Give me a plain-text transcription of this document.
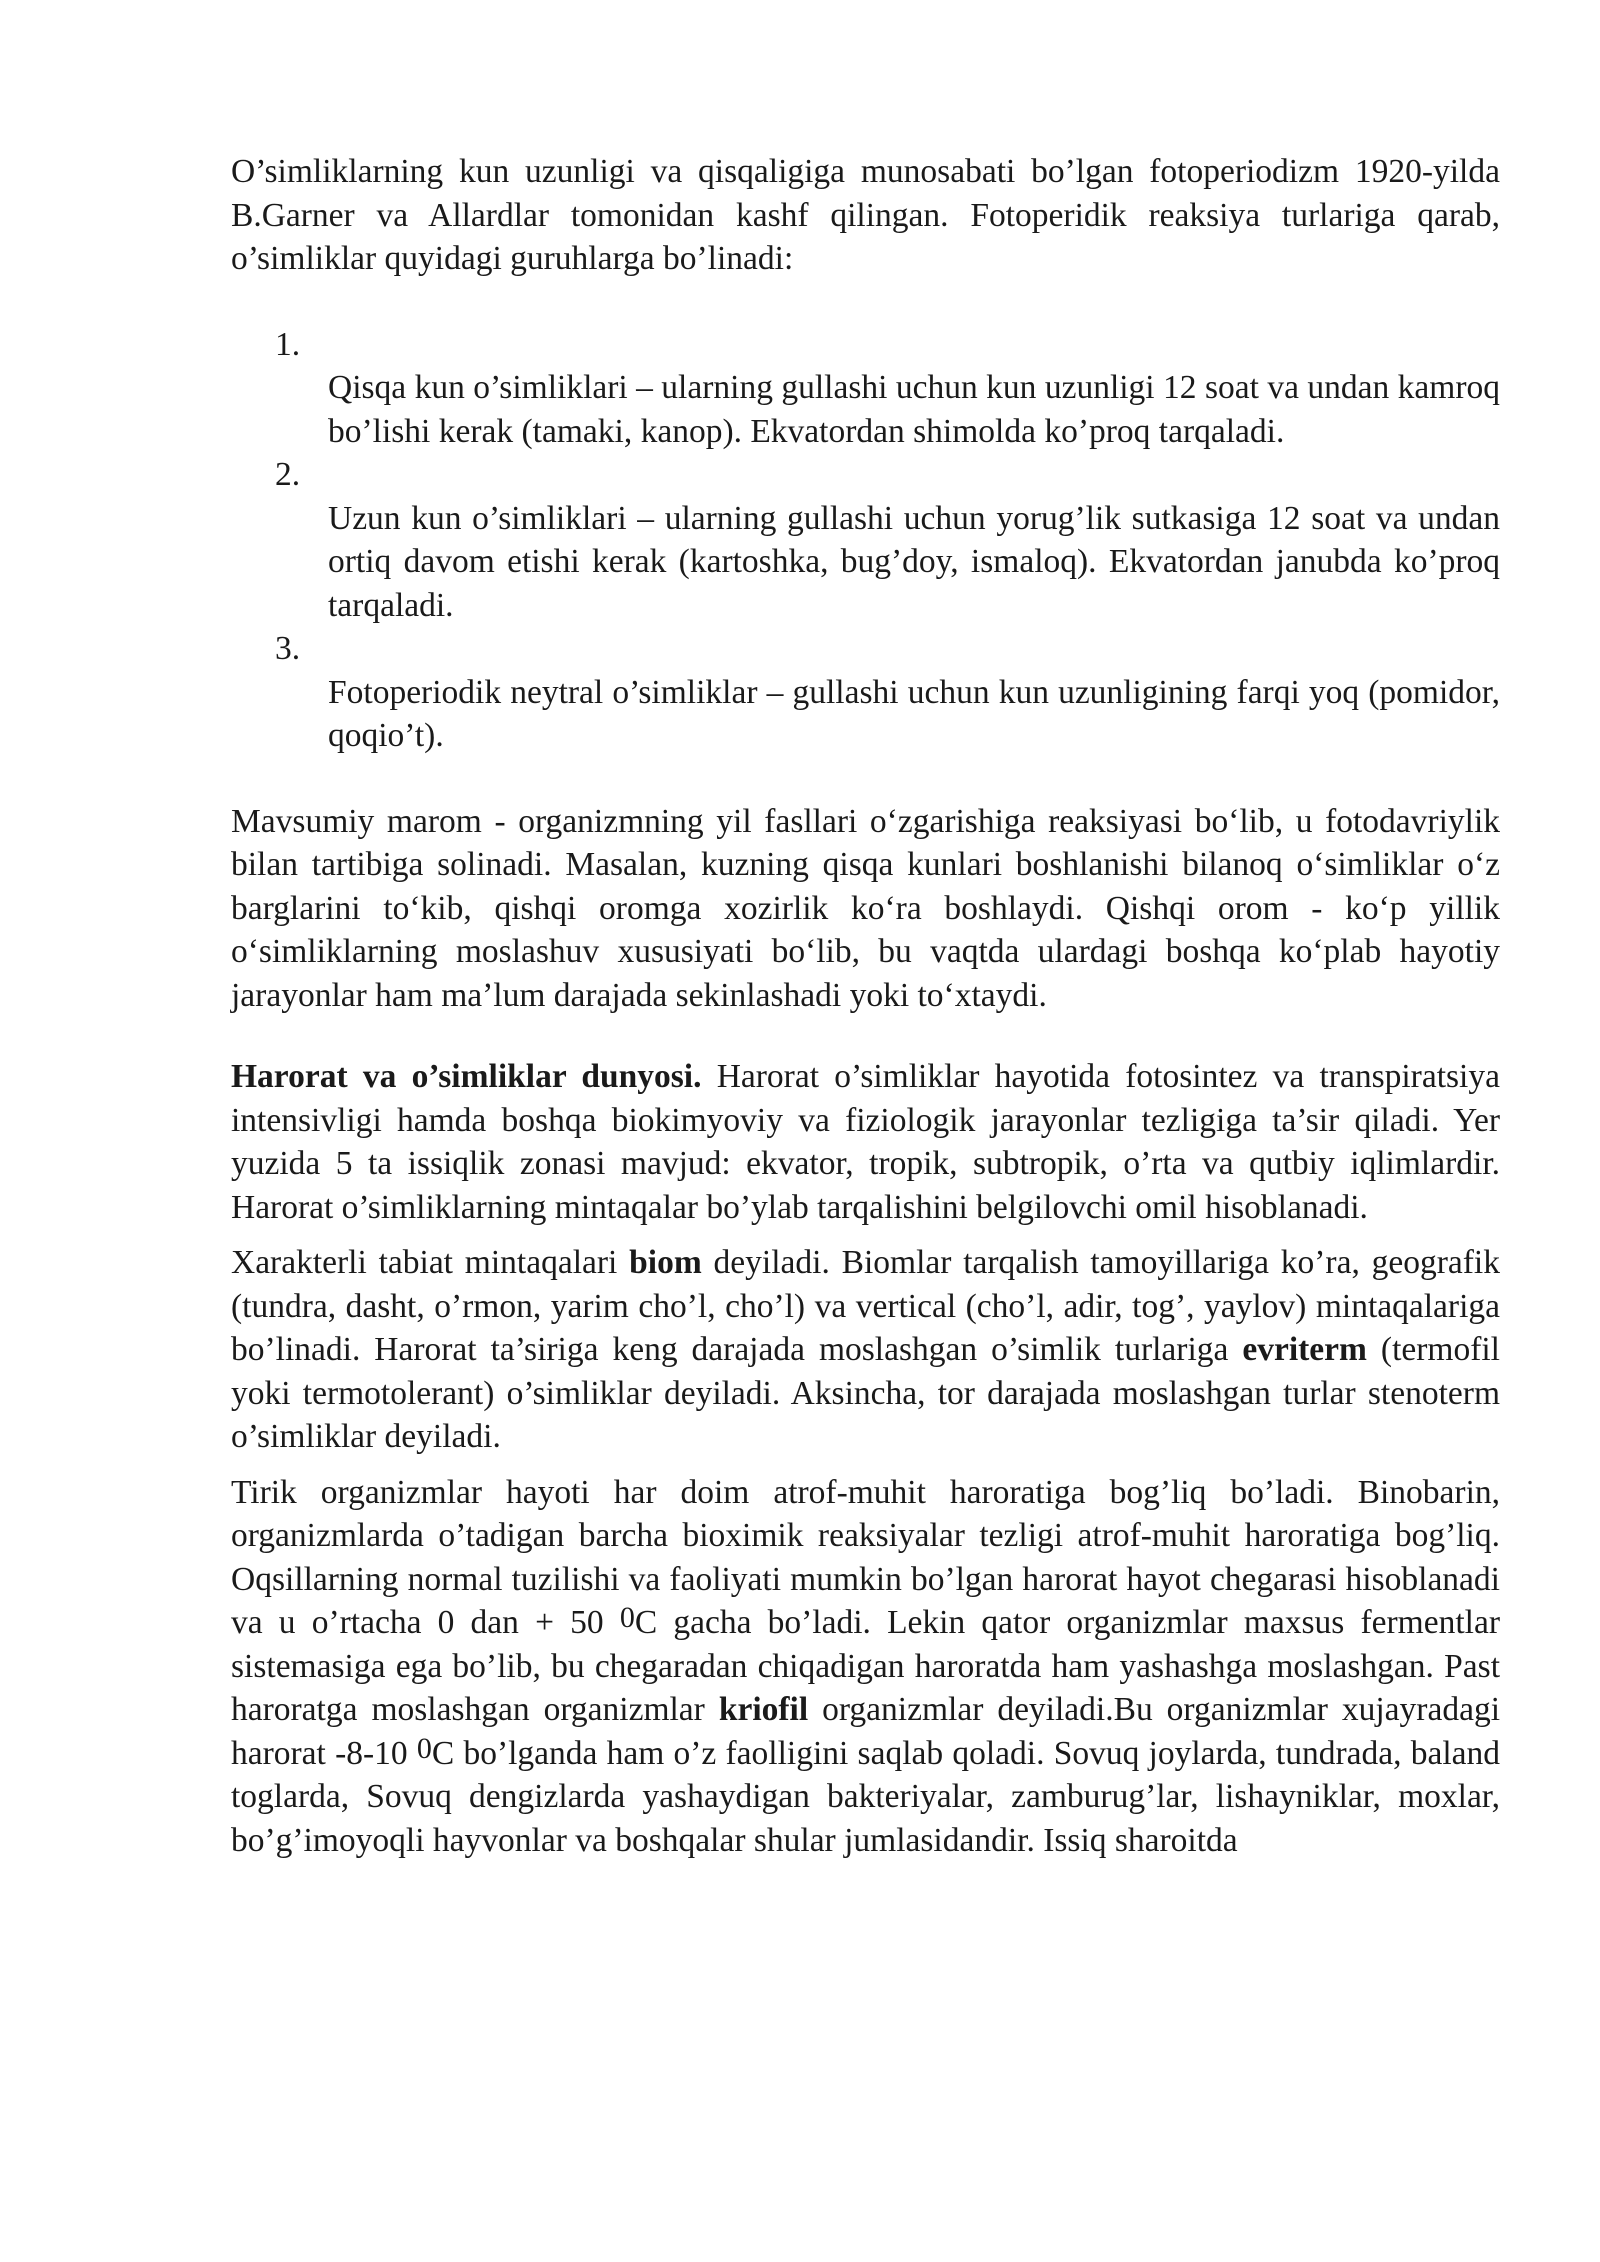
O’simliklarning kun uzunligi va qisqaligiga munosabati bo’lgan fotoperiodizm 1920-yilda B.Garner va Allardlar tomonidan kashf qilingan. Fotoperidik reaksiya turlariga qarab, o’simliklar quyidagi guruhlarga bo’linadi:

1.
Qisqa kun o’simliklari – ularning gullashi uchun kun uzunligi 12 soat va undan kamroq bo’lishi kerak (tamaki, kanop). Ekvatordan shimolda ko’proq tarqaladi.
2.
Uzun kun o’simliklari – ularning gullashi uchun yorug’lik sutkasiga 12 soat va undan ortiq davom etishi kerak (kartoshka, bug’doy, ismaloq). Ekvatordan janubda ko’proq tarqaladi.
3.
Fotoperiodik neytral o’simliklar – gullashi uchun kun uzunligining farqi yoq (pomidor, qoqio’t).

Mavsumiy marom - organizmning yil fasllari oʻzgarishiga reaksiyasi boʻlib, u fotodavriylik bilan tartibiga solinadi. Masalan, kuzning qisqa kunlari boshlanishi bilanoq oʻsimliklar oʻz barglarini toʻkib, qishqi oromga xozirlik koʻra boshlaydi. Qishqi orom - koʻp yillik oʻsimliklarning moslashuv xususiyati boʻlib, bu vaqtda ulardagi boshqa koʻplab hayotiy jarayonlar ham maʼlum darajada sekinlashadi yoki toʻxtaydi.

Harorat va o’simliklar dunyosi. Harorat o’simliklar hayotida fotosintez va transpiratsiya intensivligi hamda boshqa biokimyoviy va fiziologik jarayonlar tezligiga ta’sir qiladi. Yer yuzida 5 ta issiqlik zonasi mavjud: ekvator, tropik, subtropik, o’rta va qutbiy iqlimlardir. Harorat o’simliklarning mintaqalar bo’ylab tarqalishini belgilovchi omil hisoblanadi.

Xarakterli tabiat mintaqalari biom deyiladi. Biomlar tarqalish tamoyillariga ko’ra, geografik (tundra, dasht, o’rmon, yarim cho’l, cho’l) va vertical (cho’l, adir, tog’, yaylov) mintaqalariga bo’linadi. Harorat ta’siriga keng darajada moslashgan o’simlik turlariga evriterm (termofil yoki termotolerant) o’simliklar deyiladi. Aksincha, tor darajada moslashgan turlar stenoterm o’simliklar deyiladi.

Tirik organizmlar hayoti har doim atrof-muhit haroratiga bog’liq bo’ladi. Binobarin, organizmlarda o’tadigan barcha bioximik reaksiyalar tezligi atrof-muhit haroratiga bog’liq. Oqsillarning normal tuzilishi va faoliyati mumkin bo’lgan harorat hayot chegarasi hisoblanadi va u o’rtacha 0 dan + 50 $^0$C gacha bo’ladi. Lekin qator organizmlar maxsus fermentlar sistemasiga ega bo’lib, bu chegaradan chiqadigan haroratda ham yashashga moslashgan. Past haroratga moslashgan organizmlar kriofil organizmlar deyiladi.Bu organizmlar xujayradagi harorat -8-10 $^0$C bo’lganda ham o’z faolligini saqlab qoladi. Sovuq joylarda, tundrada, baland toglarda, Sovuq dengizlarda yashaydigan bakteriyalar, zamburug’lar, lishayniklar, moxlar, bo’g’imoyoqli hayvonlar va boshqalar shular jumlasidandir. Issiq sharoitda
